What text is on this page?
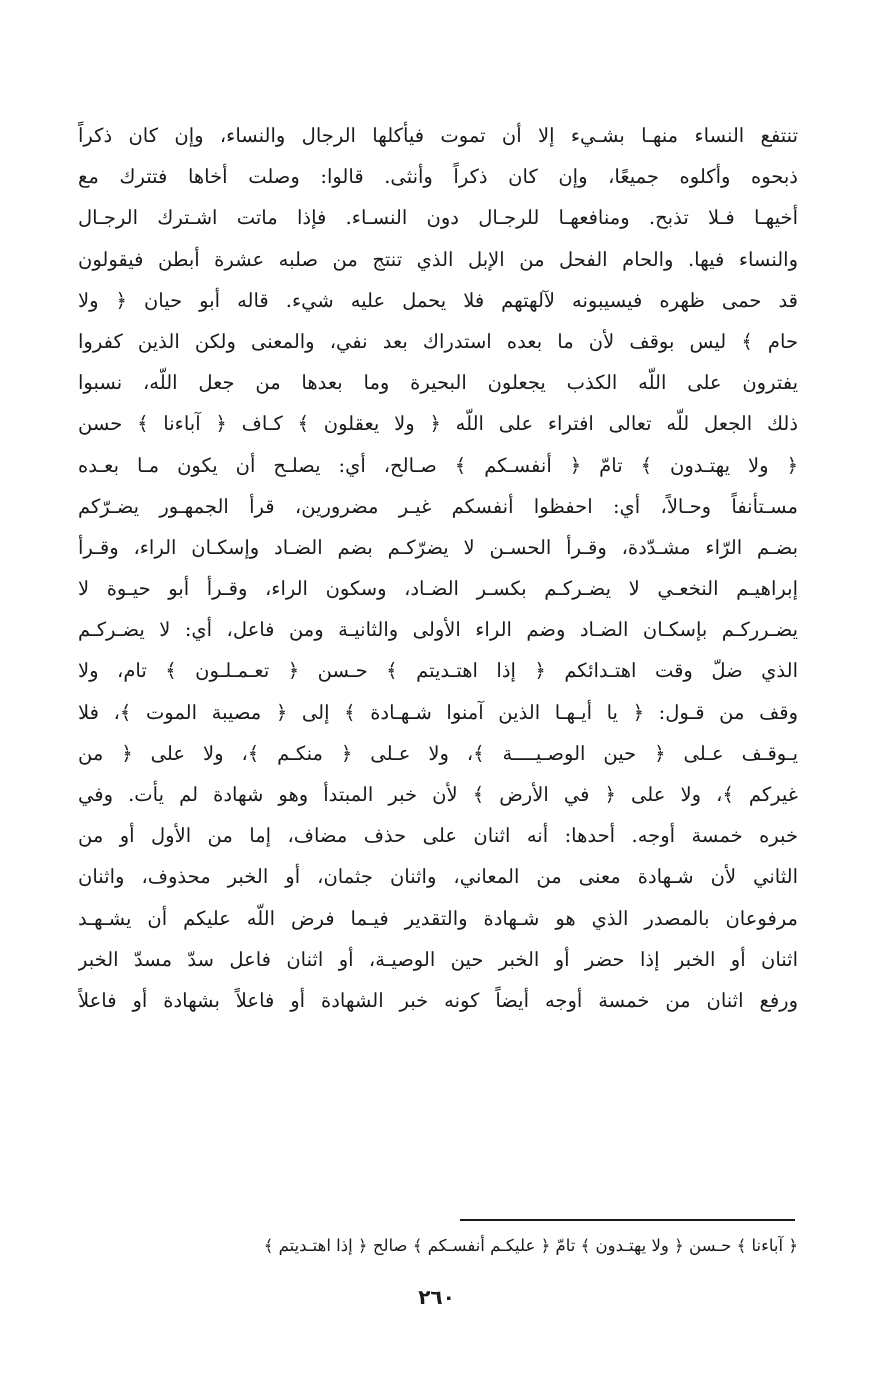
تنتفع النساء منهـا بشـيء إلا أن تموت فيأكلها الرجال والنساء، وإن كان ذكراً
ذبحوه وأكلوه جميعًا، وإن كان ذكراً وأنثى. قالوا: وصلت أخاها فتترك مع
أخيهـا فـلا تذبح. ومنافعهـا للرجـال دون النسـاء. فإذا ماتت اشـترك الرجـال
والنساء فيها. والحام الفحل من الإبل الذي تنتج من صلبه عشرة أبطن فيقولون
قد حمى ظهره فيسيبونه لآلهتهم فلا يحمل عليه شيء. قاله أبو حيان ﴿ ولا
حام ﴾ ليس بوقف لأن ما بعده استدراك بعد نفي، والمعنى ولكن الذين كفروا
يفترون على اللّه الكذب يجعلون البحيرة وما بعدها من جعل اللّه، نسبوا
ذلك الجعل للّه تعالى افتراء على اللّه ﴿ ولا يعقلون ﴾ كـاف ﴿ آباءنا ﴾ حسن
﴿ ولا يهتـدون ﴾ تامّ ﴿ أنفسـكم ﴾ صـالح، أي: يصلـح أن يكون مـا بعـده
مسـتأنفاً وحـالاً، أي: احفظوا أنفسكم غيـر مضرورين، قرأ الجمهـور يضـرّكم
بضـم الرّاء مشـدّدة، وقـرأ الحسـن لا يضرّكـم بضم الضـاد وإسكـان الراء، وقـرأ
إبراهيـم النخعـي لا يضـركـم بكسـر الضـاد، وسكون الراء، وقـرأ أبو حيـوة لا
يضـرركـم بإسكـان الضـاد وضم الراء الأولى والثانيـة ومن فاعل، أي: لا يضـركـم
الذي ضلّ وقت اهتـدائكم ﴿ إذا اهتـديتم ﴾ حـسن ﴿ تعـمـلـون ﴾ تام، ولا
وقف من قـول: ﴿ يا أيـهـا الذين آمنوا شـهـادة ﴾ إلى ﴿ مصيبة الموت ﴾، فلا
يـوقـف عـلى ﴿ حين الوصـيــــة ﴾، ولا عـلى ﴿ منكـم ﴾، ولا على ﴿ من
غيركم ﴾، ولا على ﴿ في الأرض ﴾ لأن خبر المبتدأ وهو شهادة لم يأت. وفي
خبره خمسة أوجه. أحدها: أنه اثنان على حذف مضاف، إما من الأول أو من
الثاني لأن شـهادة معنى من المعاني، واثنان جثمان، أو الخبر محذوف، واثنان
مرفوعان بالمصدر الذي هو شـهادة والتقدير فيـما فرض اللّه عليكم أن يشـهـد
اثنان أو الخبر إذا حضر أو الخبر حين الوصيـة، أو اثنان فاعل سدّ مسدّ الخبر
ورفع اثنان من خمسة أوجه أيضاً كونه خبر الشهادة أو فاعلاً بشهادة أو فاعلاً
﴿ آباءنا ﴾ حـسن ﴿ ولا يهتـدون ﴾ تامّ ﴿ عليكـم أنفسـكم ﴾ صالح ﴿ إذا اهتـديتم ﴾
٢٦٠
